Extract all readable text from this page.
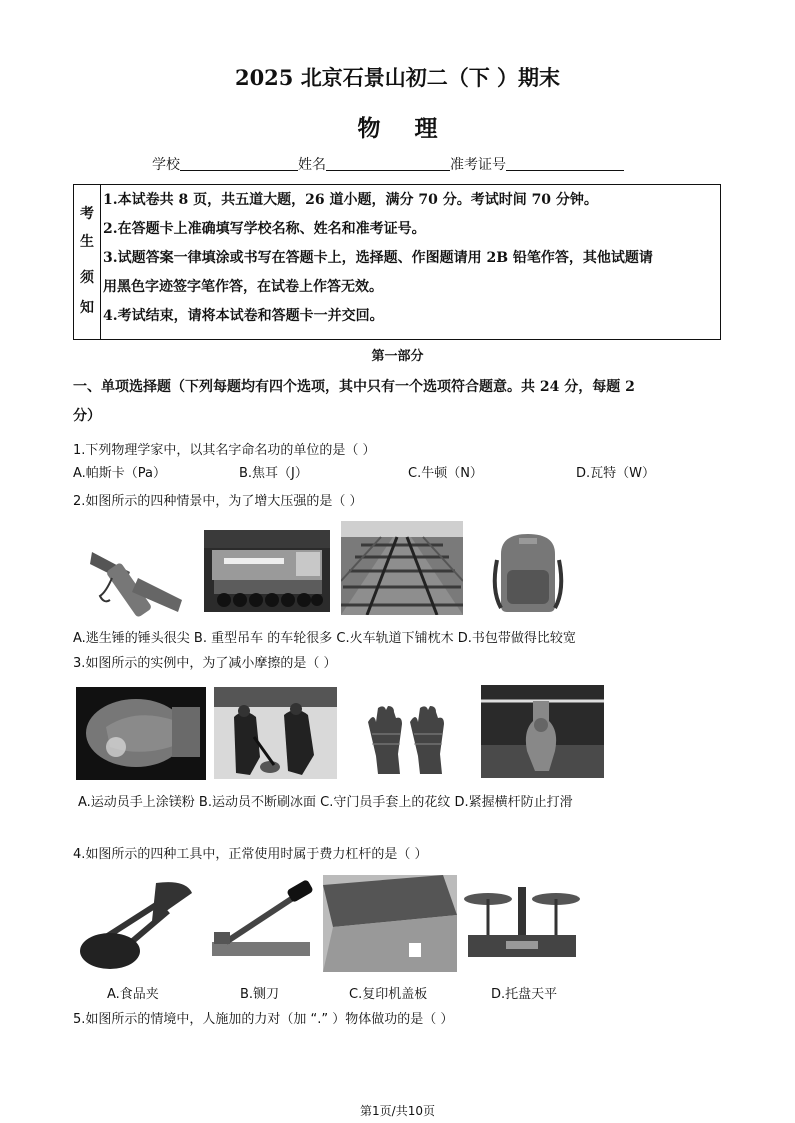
2025 北京石景山初二（下 ）期末
物理
学校	姓名	准考证号
考
生
须
知
1.本试卷共 8 页，共五道大题，26 道小题，满分 70 分。考试时间 70 分钟。
2.在答题卡上准确填写学校名称、姓名和准考证号。
3.试题答案一律填涂或书写在答题卡上，选择题、作图题请用 2B 铅笔作答，其他试题请
用黑色字迹签字笔作答，在试卷上作答无效。
4.考试结束，请将本试卷和答题卡一并交回。
第一部分
一、单项选择题（下列每题均有四个选项，其中只有一个选项符合题意。共 24 分，每题 2
分）
1.下列物理学家中，以其名字命名功的单位的是（ ）
A.帕斯卡（Pa）	B.焦耳（J）	C.牛顿（N）	D.瓦特（W）
2.如图所示的四种情景中，为了增大压强的是（ ）
A.逃生锤的锤头很尖 B. 重型吊车 的车轮很多 C.火车轨道下铺枕木 D.书包带做得比较宽
3.如图所示的实例中，为了减小摩擦的是（ ）
A.运动员手上涂镁粉 B.运动员不断刷冰面 C.守门员手套上的花纹 D.紧握横杆防止打滑
4.如图所示的四种工具中，正常使用时属于费力杠杆的是（ ）
A.食品夹	B.铡刀	C.复印机盖板	D.托盘天平
5.如图所示的情境中，人施加的力对（加 “.” ）物体做功的是（ ）
第1页/共10页
